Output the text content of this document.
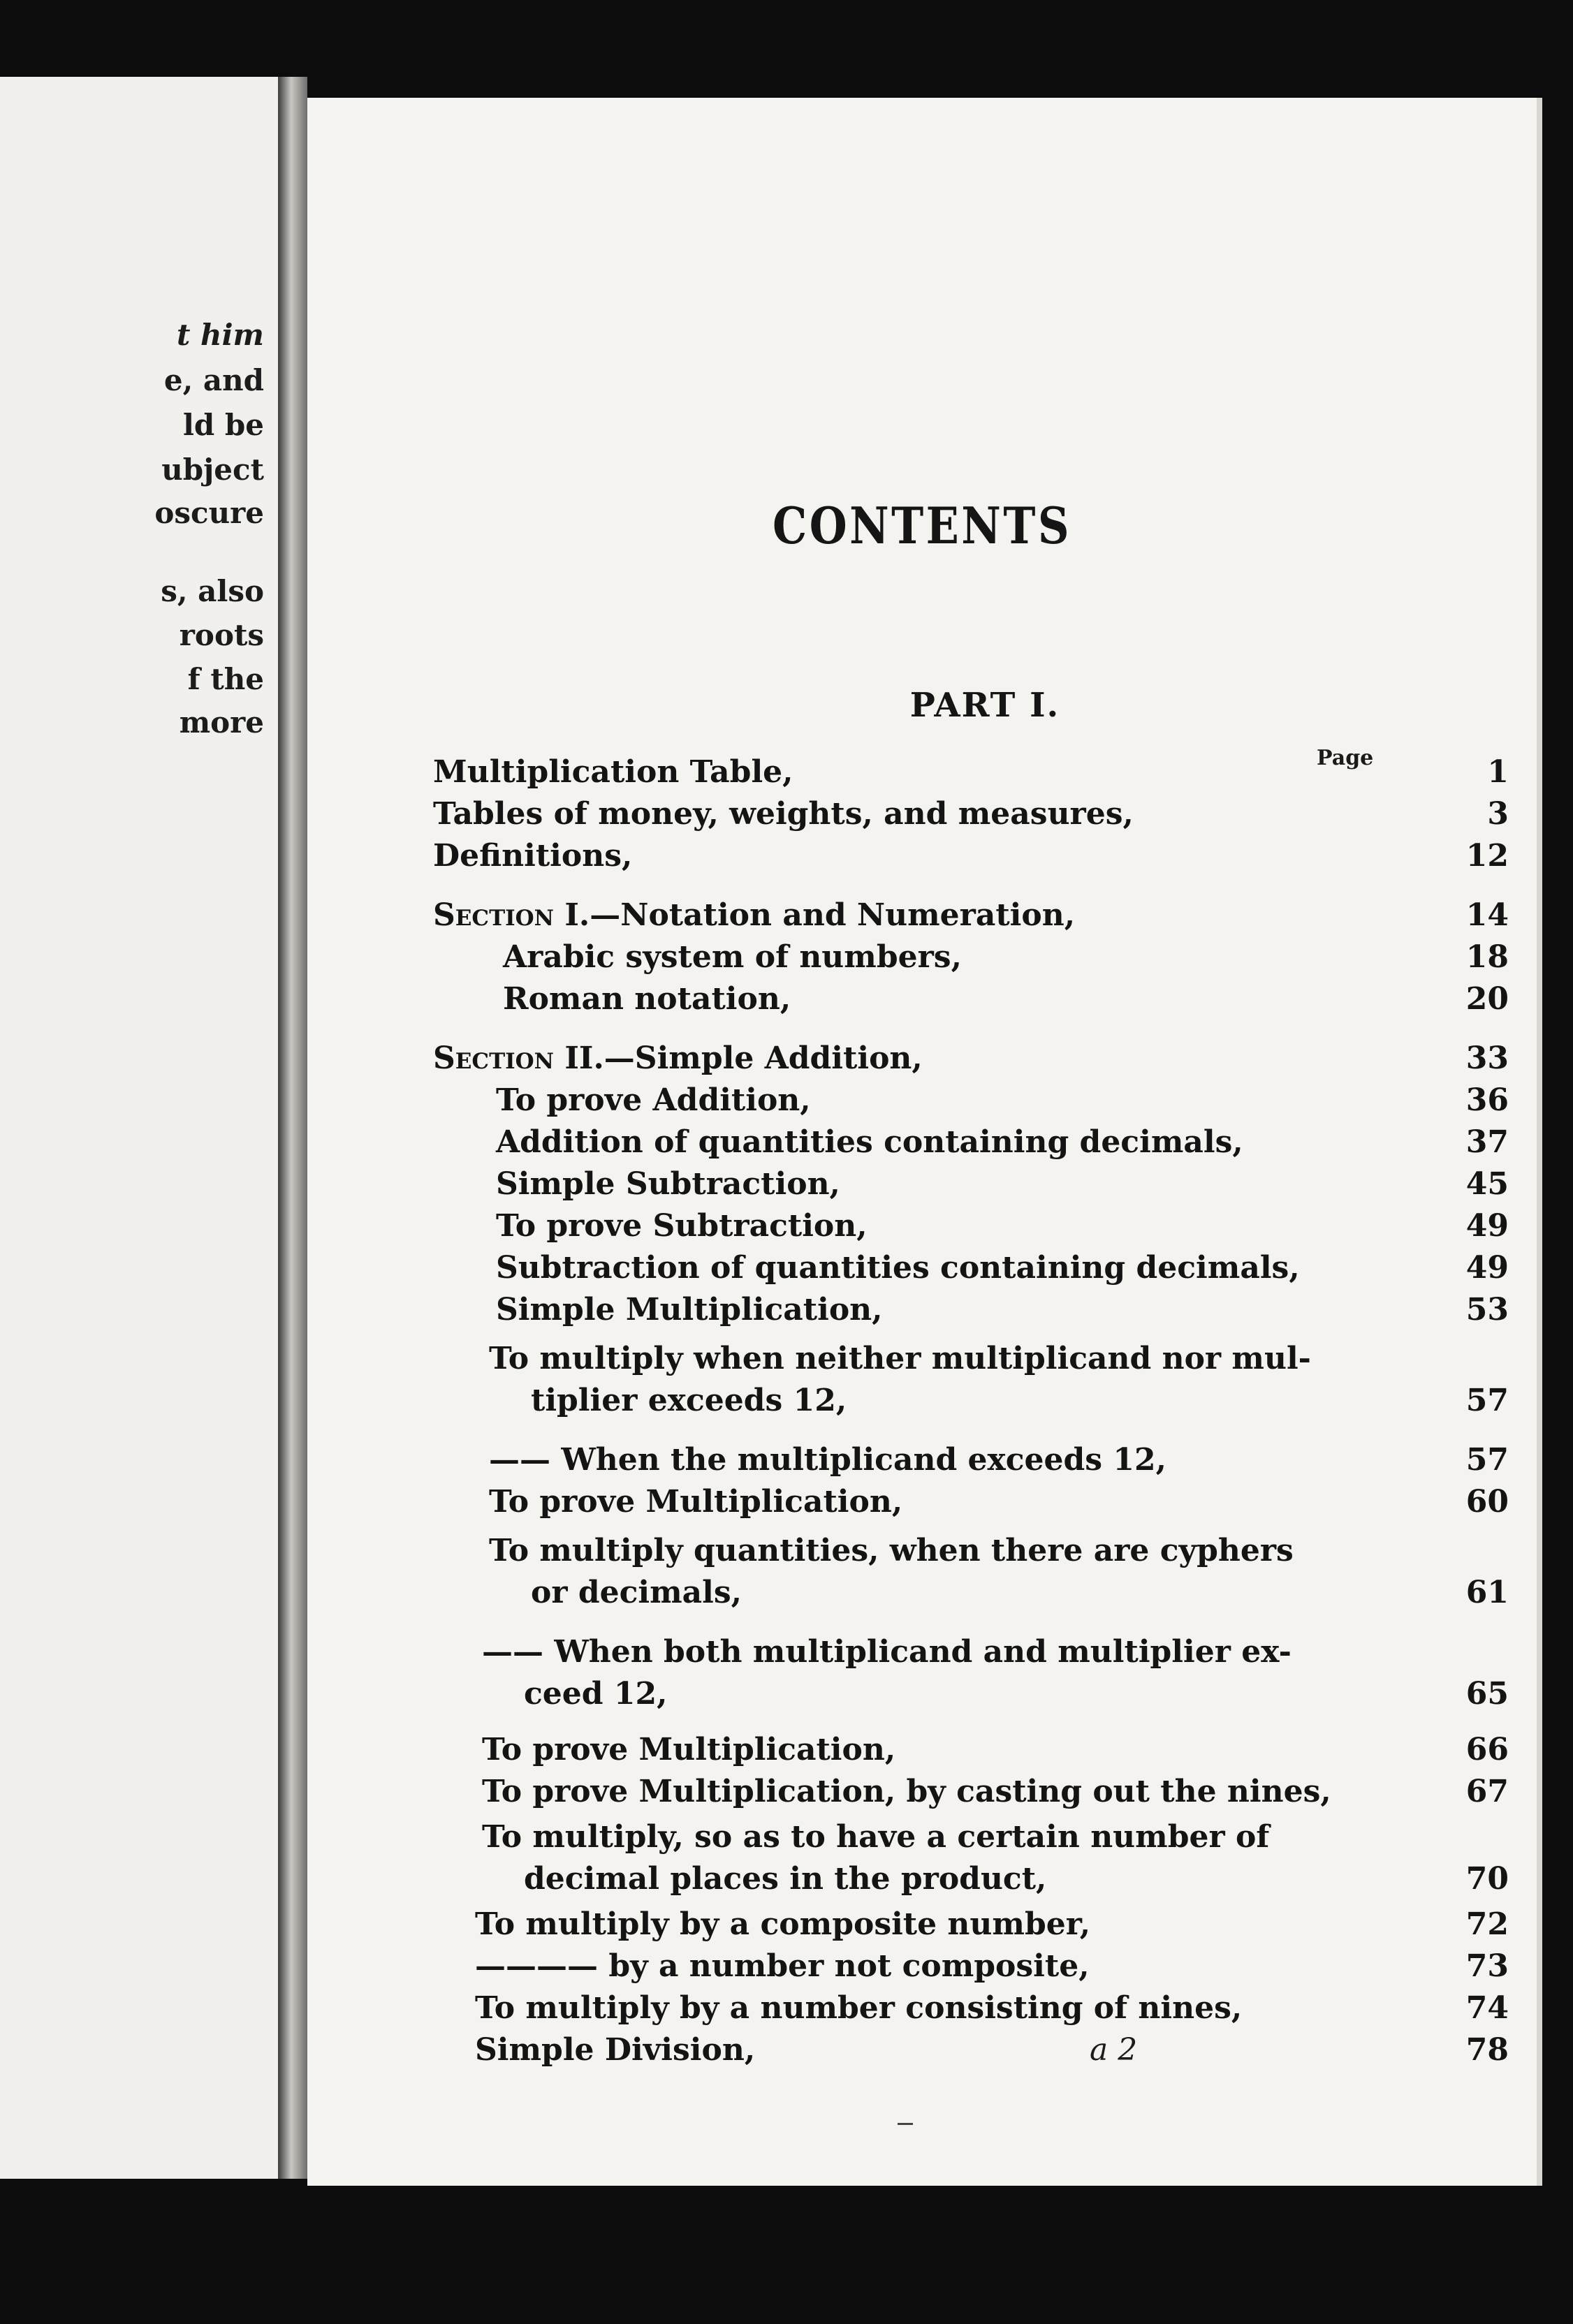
t him
e, and
ld be
ubject
oscure
s, also
roots
f the
more
CONTENTS
PART I.
Page
Multiplication Table,	1
Tables of money, weights, and measures,	3
Definitions,	12
Section I.—Notation and Numeration,	14
Arabic system of numbers,	18
Roman notation,	20
Section II.—Simple Addition,	33
To prove Addition,	36
Addition of quantities containing decimals,	37
Simple Subtraction,	45
To prove Subtraction,	49
Subtraction of quantities containing decimals,	49
Simple Multiplication,	53
To multiply when neither multiplicand nor mul-
tiplier exceeds 12,	57
—— When the multiplicand exceeds 12,	57
To prove Multiplication,	60
To multiply quantities, when there are cyphers
or decimals,	61
—— When both multiplicand and multiplier ex-
ceed 12,	65
To prove Multiplication,	66
To prove Multiplication, by casting out the nines,	67
To multiply, so as to have a certain number of
decimal places in the product,	70
To multiply by a composite number,	72
———— by a number not composite,	73
To multiply by a number consisting of nines,	74
Simple Division,	78
a 2
